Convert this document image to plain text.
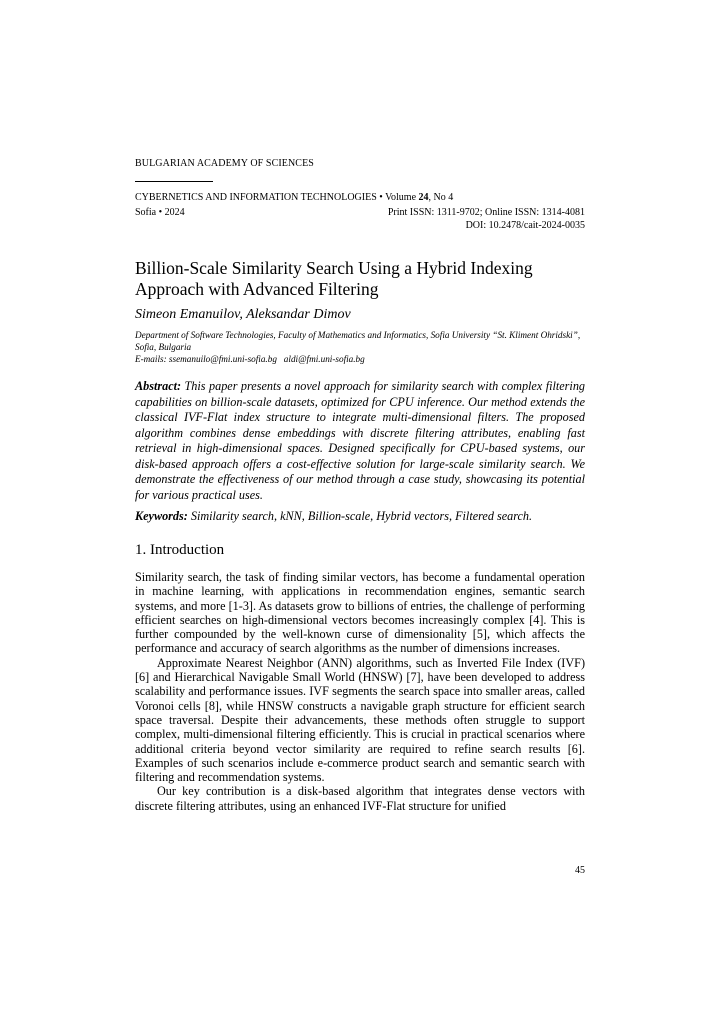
BULGARIAN ACADEMY OF SCIENCES
CYBERNETICS AND INFORMATION TECHNOLOGIES • Volume 24, No 4
Sofia • 2024	Print ISSN: 1311-9702; Online ISSN: 1314-4081
DOI: 10.2478/cait-2024-0035
Billion-Scale Similarity Search Using a Hybrid Indexing Approach with Advanced Filtering
Simeon Emanuilov, Aleksandar Dimov
Department of Software Technologies, Faculty of Mathematics and Informatics, Sofia University “St. Kliment Ohridski”, Sofia, Bulgaria
E-mails: ssemanuilo@fmi.uni-sofia.bg   aldi@fmi.uni-sofia.bg
Abstract: This paper presents a novel approach for similarity search with complex filtering capabilities on billion-scale datasets, optimized for CPU inference. Our method extends the classical IVF-Flat index structure to integrate multi-dimensional filters. The proposed algorithm combines dense embeddings with discrete filtering attributes, enabling fast retrieval in high-dimensional spaces. Designed specifically for CPU-based systems, our disk-based approach offers a cost-effective solution for large-scale similarity search. We demonstrate the effectiveness of our method through a case study, showcasing its potential for various practical uses.
Keywords: Similarity search, kNN, Billion-scale, Hybrid vectors, Filtered search.
1. Introduction

Similarity search, the task of finding similar vectors, has become a fundamental operation in machine learning, with applications in recommendation engines, semantic search systems, and more [1-3]. As datasets grow to billions of entries, the challenge of performing efficient searches on high-dimensional vectors becomes increasingly complex [4]. This is further compounded by the well-known curse of dimensionality [5], which affects the performance and accuracy of search algorithms as the number of dimensions increases.

Approximate Nearest Neighbor (ANN) algorithms, such as Inverted File Index (IVF) [6] and Hierarchical Navigable Small World (HNSW) [7], have been developed to address scalability and performance issues. IVF segments the search space into smaller areas, called Voronoi cells [8], while HNSW constructs a navigable graph structure for efficient search space traversal. Despite their advancements, these methods often struggle to support complex, multi-dimensional filtering efficiently. This is crucial in practical scenarios where additional criteria beyond vector similarity are required to refine search results [6]. Examples of such scenarios include e-commerce product search and semantic search with filtering and recommendation systems.

Our key contribution is a disk-based algorithm that integrates dense vectors with discrete filtering attributes, using an enhanced IVF-Flat structure for unified

45
